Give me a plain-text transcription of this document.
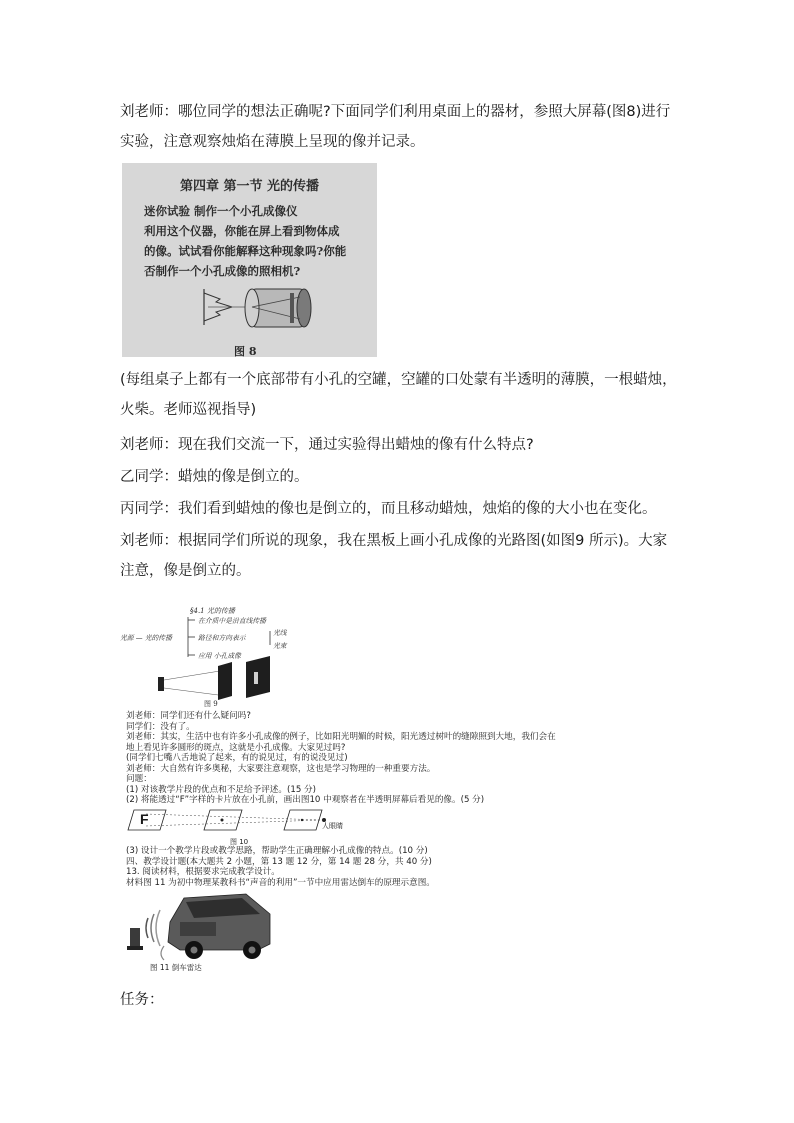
刘老师：哪位同学的想法正确呢?下面同学们利用桌面上的器材，参照大屏幕(图8)进行实验，注意观察烛焰在薄膜上呈现的像并记录。
第四章 第一节 光的传播
迷你试验 制作一个小孔成像仪
利用这个仪器，你能在屏上看到物体成
的像。试试看你能解释这种现象吗?你能
否制作一个小孔成像的照相机?
图 8
(每组桌子上都有一个底部带有小孔的空罐，空罐的口处蒙有半透明的薄膜，一根蜡烛，火柴。老师巡视指导)
刘老师：现在我们交流一下，通过实验得出蜡烛的像有什么特点?
乙同学：蜡烛的像是倒立的。
丙同学：我们看到蜡烛的像也是倒立的，而且移动蜡烛，烛焰的像的大小也在变化。
刘老师：根据同学们所说的现象，我在黑板上画小孔成像的光路图(如图9 所示)。大家注意，像是倒立的。
§4.1 光的传播
在介质中是沿直线传播
光源 — 光的传播	路径和方向表示
光线
光束
应用 小孔成像
图 9
刘老师：同学们还有什么疑问吗?
同学们：没有了。
刘老师：其实，生活中也有许多小孔成像的例子，比如阳光明媚的时候，阳光透过树叶的缝隙照到大地，我们会在
地上看见许多圆形的斑点，这就是小孔成像。大家见过吗?
(同学们七嘴八舌地说了起来，有的说见过，有的说没见过)
刘老师：大自然有许多奥秘，大家要注意观察，这也是学习物理的一种重要方法。
问题：
(1) 对该教学片段的优点和不足给予评述。(15 分)
(2) 将能透过“F”字样的卡片放在小孔前，画出图10 中观察者在半透明屏幕后看见的像。(5 分)
F	人眼睛
图 10
(3) 设计一个教学片段或教学思路，帮助学生正确理解小孔成像的特点。(10 分)
四、教学设计题(本大题共 2 小题，第 13 题 12 分，第 14 题 28 分，共 40 分)
13. 阅读材料，根据要求完成教学设计。
材料图 11 为初中物理某教科书“声音的利用”一节中应用雷达倒车的原理示意图。
图 11 倒车雷达
任务：
